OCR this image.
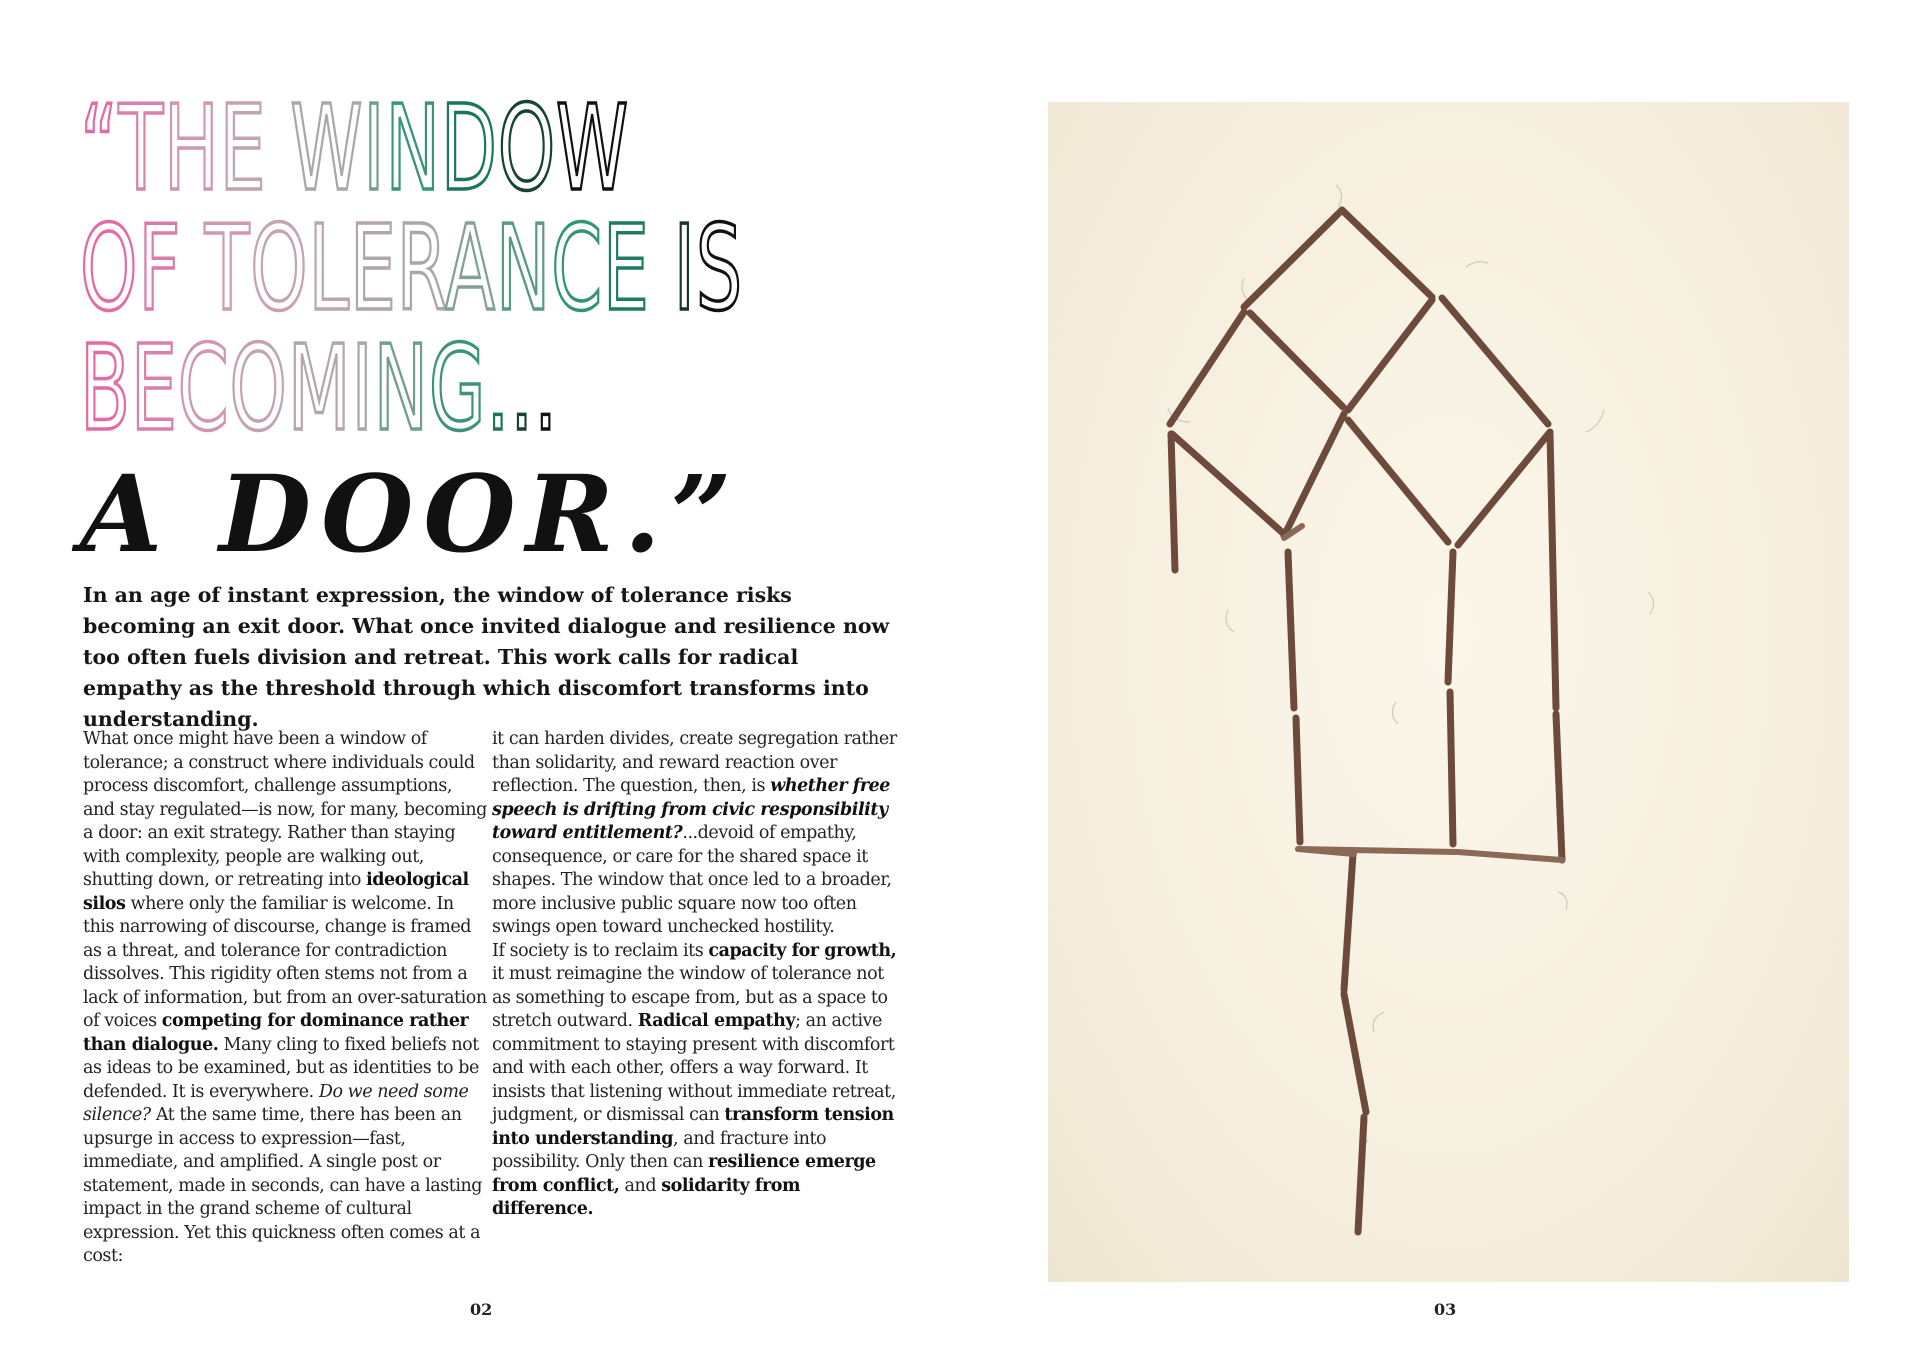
“THE WINDOW
OF TOLERANCE IS
BECOMING...
A DOOR.”

In an age of instant expression, the window of tolerance risks becoming an exit door. What once invited dialogue and resilience now too often fuels division and retreat. This work calls for radical empathy as the threshold through which discomfort transforms into understanding.

What once might have been a window of tolerance; a construct where individuals could process discomfort, challenge assumptions, and stay regulated—is now, for many, becoming a door: an exit strategy. Rather than staying with complexity, people are walking out, shutting down, or retreating into ideological silos where only the familiar is welcome. In this narrowing of discourse, change is framed as a threat, and tolerance for contradiction dissolves. This rigidity often stems not from a lack of information, but from an over-saturation of voices competing for dominance rather than dialogue. Many cling to fixed beliefs not as ideas to be examined, but as identities to be defended. It is everywhere. Do we need some silence? At the same time, there has been an upsurge in access to expression—fast, immediate, and amplified. A single post or statement, made in seconds, can have a lasting impact in the grand scheme of cultural expression. Yet this quickness often comes at a cost:

it can harden divides, create segregation rather than solidarity, and reward reaction over reflection. The question, then, is whether free speech is drifting from civic responsibility toward entitlement?...devoid of empathy, consequence, or care for the shared space it shapes. The window that once led to a broader, more inclusive public square now too often swings open toward unchecked hostility.

If society is to reclaim its capacity for growth, it must reimagine the window of tolerance not as something to escape from, but as a space to stretch outward. Radical empathy; an active commitment to staying present with discomfort and with each other, offers a way forward. It insists that listening without immediate retreat, judgment, or dismissal can transform tension into understanding, and fracture into possibility. Only then can resilience emerge from conflict, and solidarity from difference.

02	03
